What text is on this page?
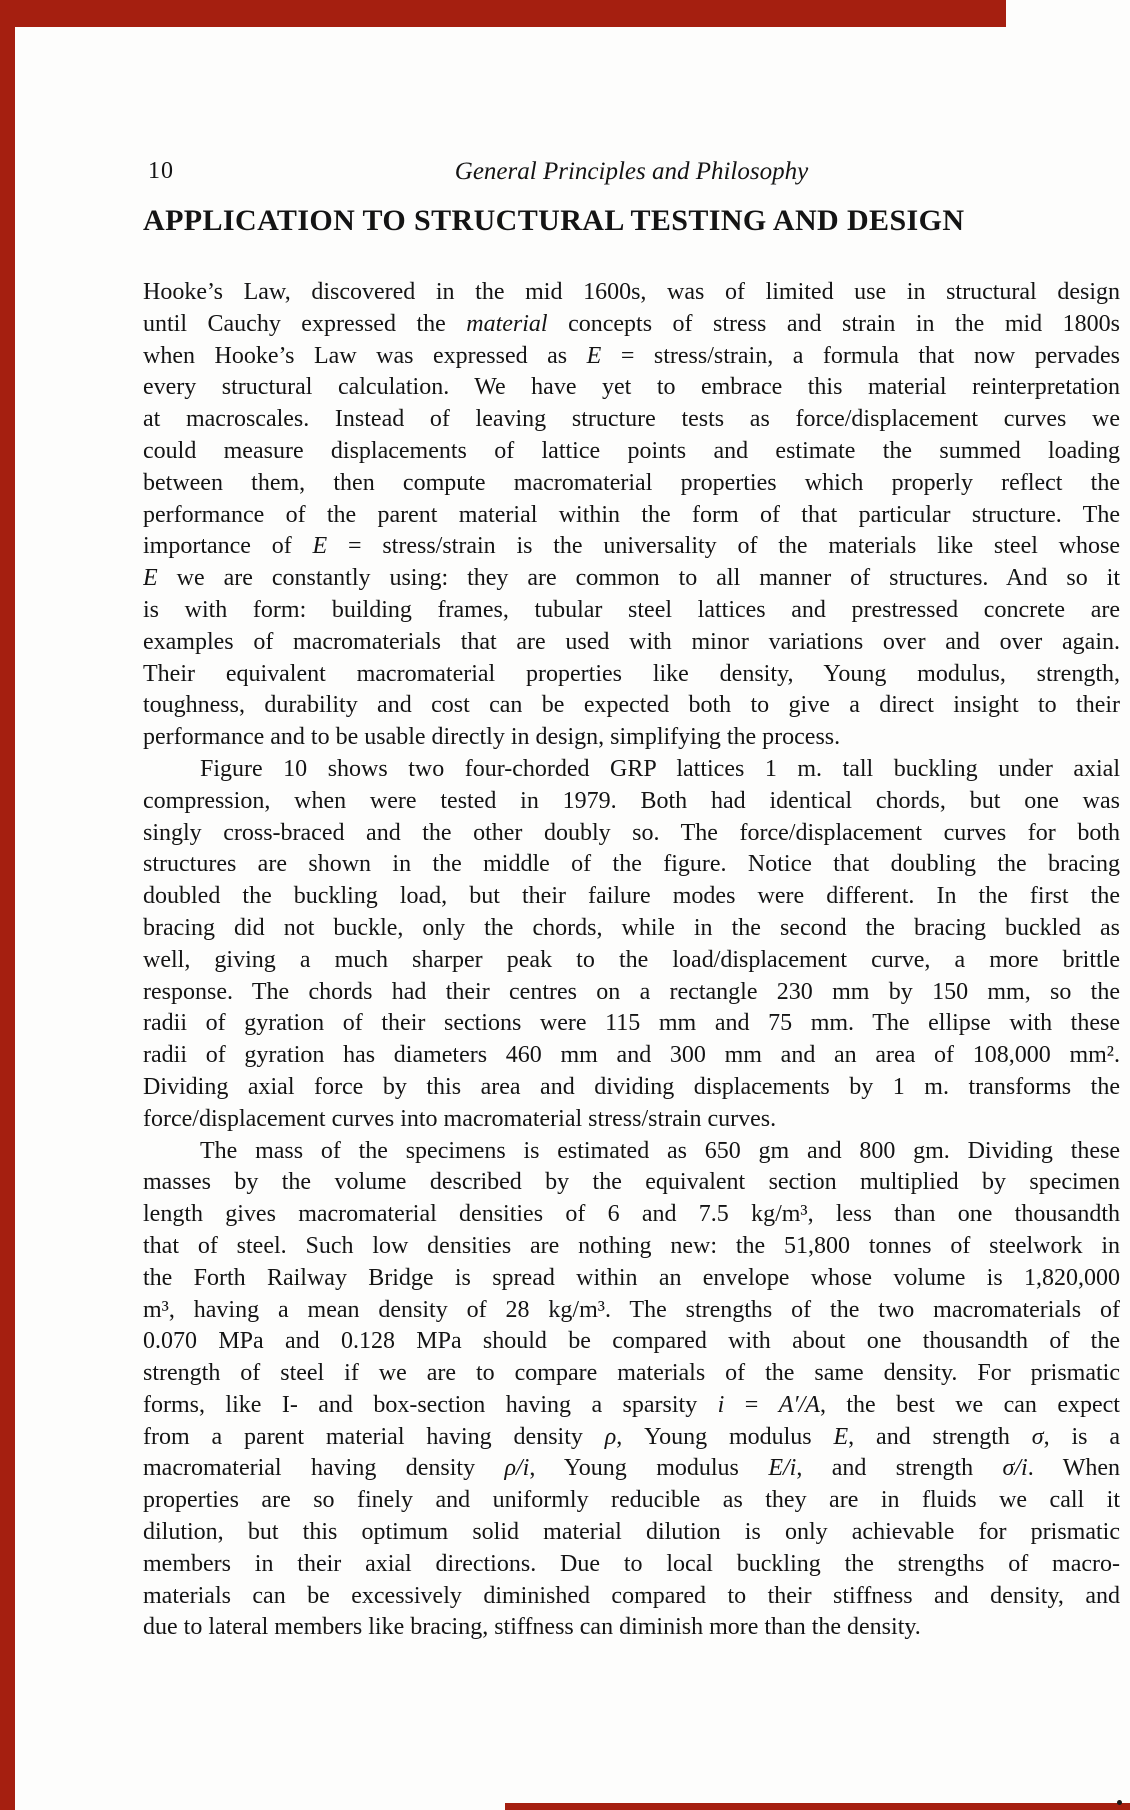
10	General Principles and Philosophy
APPLICATION TO STRUCTURAL TESTING AND DESIGN
Hooke’s Law, discovered in the mid 1600s, was of limited use in structural design
until Cauchy expressed the material concepts of stress and strain in the mid 1800s
when Hooke’s Law was expressed as E = stress/strain, a formula that now pervades
every structural calculation. We have yet to embrace this material reinterpretation
at macroscales. Instead of leaving structure tests as force/displacement curves we
could measure displacements of lattice points and estimate the summed loading
between them, then compute macromaterial properties which properly reflect the
performance of the parent material within the form of that particular structure. The
importance of E = stress/strain is the universality of the materials like steel whose
E we are constantly using: they are common to all manner of structures. And so it
is with form: building frames, tubular steel lattices and prestressed concrete are
examples of macromaterials that are used with minor variations over and over again.
Their equivalent macromaterial properties like density, Young modulus, strength,
toughness, durability and cost can be expected both to give a direct insight to their
performance and to be usable directly in design, simplifying the process.
Figure 10 shows two four-chorded GRP lattices 1 m. tall buckling under axial
compression, when were tested in 1979. Both had identical chords, but one was
singly cross-braced and the other doubly so. The force/displacement curves for both
structures are shown in the middle of the figure. Notice that doubling the bracing
doubled the buckling load, but their failure modes were different. In the first the
bracing did not buckle, only the chords, while in the second the bracing buckled as
well, giving a much sharper peak to the load/displacement curve, a more brittle
response. The chords had their centres on a rectangle 230 mm by 150 mm, so the
radii of gyration of their sections were 115 mm and 75 mm. The ellipse with these
radii of gyration has diameters 460 mm and 300 mm and an area of 108,000 mm².
Dividing axial force by this area and dividing displacements by 1 m. transforms the
force/displacement curves into macromaterial stress/strain curves.
The mass of the specimens is estimated as 650 gm and 800 gm. Dividing these
masses by the volume described by the equivalent section multiplied by specimen
length gives macromaterial densities of 6 and 7.5 kg/m³, less than one thousandth
that of steel. Such low densities are nothing new: the 51,800 tonnes of steelwork in
the Forth Railway Bridge is spread within an envelope whose volume is 1,820,000
m³, having a mean density of 28 kg/m³. The strengths of the two macromaterials of
0.070 MPa and 0.128 MPa should be compared with about one thousandth of the
strength of steel if we are to compare materials of the same density. For prismatic
forms, like I- and box-section having a sparsity i = A′/A, the best we can expect
from a parent material having density ρ, Young modulus E, and strength σ, is a
macromaterial having density ρ/i, Young modulus E/i, and strength σ/i. When
properties are so finely and uniformly reducible as they are in fluids we call it
dilution, but this optimum solid material dilution is only achievable for prismatic
members in their axial directions. Due to local buckling the strengths of macro-
materials can be excessively diminished compared to their stiffness and density, and
due to lateral members like bracing, stiffness can diminish more than the density.
